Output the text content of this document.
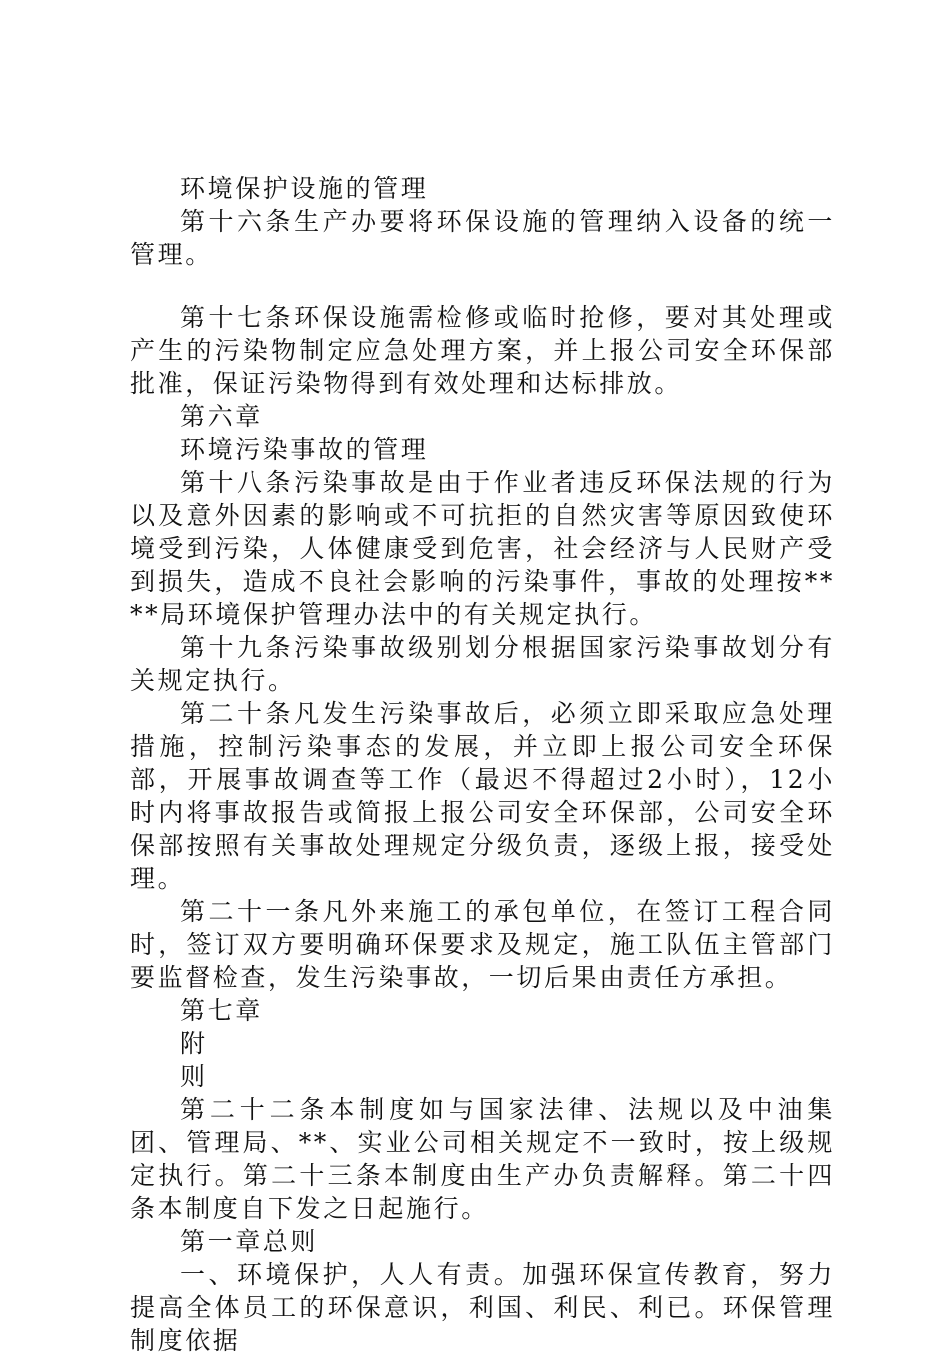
环境保护设施的管理

第十六条生产办要将环保设施的管理纳入设备的统一管理。

第十七条环保设施需检修或临时抢修，要对其处理或产生的污染物制定应急处理方案，并上报公司安全环保部批准，保证污染物得到有效处理和达标排放。

第六章

环境污染事故的管理

第十八条污染事故是由于作业者违反环保法规的行为以及意外因素的影响或不可抗拒的自然灾害等原因致使环境受到污染，人体健康受到危害，社会经济与人民财产受到损失，造成不良社会影响的污染事件，事故的处理按****局环境保护管理办法中的有关规定执行。

第十九条污染事故级别划分根据国家污染事故划分有关规定执行。

第二十条凡发生污染事故后，必须立即采取应急处理措施，控制污染事态的发展，并立即上报公司安全环保部，开展事故调查等工作（最迟不得超过2小时），12小时内将事故报告或简报上报公司安全环保部，公司安全环保部按照有关事故处理规定分级负责，逐级上报，接受处理。

第二十一条凡外来施工的承包单位，在签订工程合同时，签订双方要明确环保要求及规定，施工队伍主管部门要监督检查，发生污染事故，一切后果由责任方承担。

第七章

附

则

第二十二条本制度如与国家法律、法规以及中油集团、管理局、**、实业公司相关规定不一致时，按上级规定执行。第二十三条本制度由生产办负责解释。第二十四条本制度自下发之日起施行。

第一章总则

一、环境保护，人人有责。加强环保宣传教育，努力提高全体员工的环保意识，利国、利民、利已。环保管理制度依据
